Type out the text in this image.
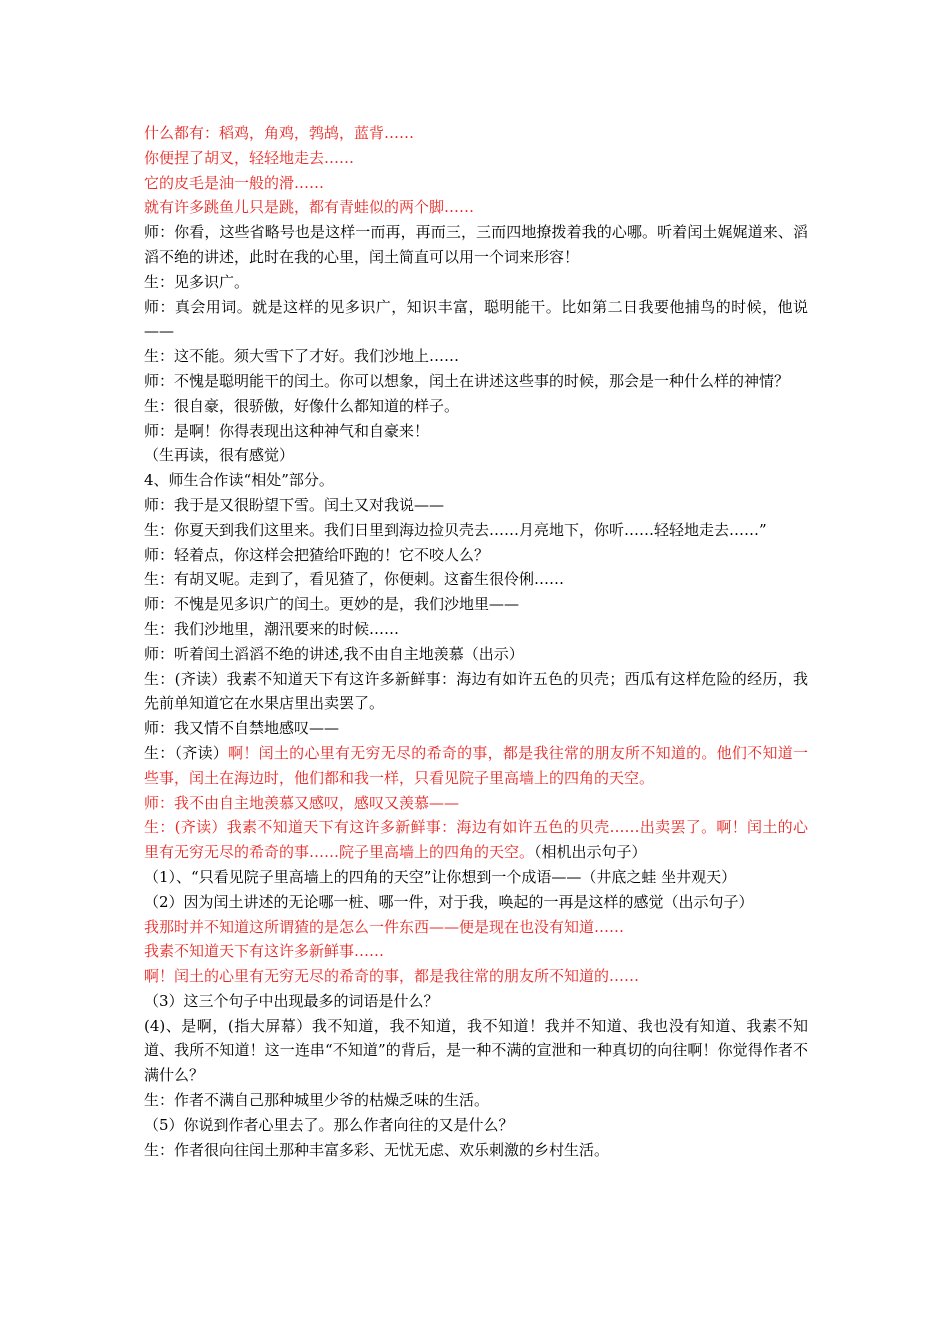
什么都有：稻鸡，角鸡，鹁鸪，蓝背……

你便捏了胡叉，轻轻地走去……

它的皮毛是油一般的滑……

就有许多跳鱼儿只是跳，都有青蛙似的两个脚……

师：你看，这些省略号也是这样一而再，再而三，三而四地撩拨着我的心哪。听着闰土娓娓道来、滔滔不绝的讲述，此时在我的心里，闰土简直可以用一个词来形容！

生：见多识广。

师：真会用词。就是这样的见多识广，知识丰富，聪明能干。比如第二日我要他捕鸟的时候，他说——

生：这不能。须大雪下了才好。我们沙地上……

师：不愧是聪明能干的闰土。你可以想象，闰土在讲述这些事的时候，那会是一种什么样的神情？

生：很自豪，很骄傲，好像什么都知道的样子。

师：是啊！你得表现出这种神气和自豪来！

（生再读，很有感觉）

4、师生合作读“相处”部分。

师：我于是又很盼望下雪。闰土又对我说——

生：你夏天到我们这里来。我们日里到海边捡贝壳去……月亮地下，你听……轻轻地走去……”

师：轻着点，你这样会把猹给吓跑的！它不咬人么？

生：有胡叉呢。走到了，看见猹了，你便刺。这畜生很伶俐……

师：不愧是见多识广的闰土。更妙的是，我们沙地里——

生：我们沙地里，潮汛要来的时候……

师：听着闰土滔滔不绝的讲述,我不由自主地羡慕（出示）

生：(齐读）我素不知道天下有这许多新鲜事：海边有如许五色的贝壳；西瓜有这样危险的经历，我先前单知道它在水果店里出卖罢了。

师：我又情不自禁地感叹——

生：（齐读）啊！闰土的心里有无穷无尽的希奇的事，都是我往常的朋友所不知道的。他们不知道一些事，闰土在海边时，他们都和我一样，只看见院子里高墙上的四角的天空。

师：我不由自主地羡慕又感叹，感叹又羡慕——

生：(齐读）我素不知道天下有这许多新鲜事：海边有如许五色的贝壳……出卖罢了。啊！闰土的心里有无穷无尽的希奇的事……院子里高墙上的四角的天空。（相机出示句子）

（1）、“只看见院子里高墙上的四角的天空”让你想到一个成语——（井底之蛙 坐井观天）

（2）因为闰土讲述的无论哪一桩、哪一件，对于我，唤起的一再是这样的感觉（出示句子）

我那时并不知道这所谓猹的是怎么一件东西——便是现在也没有知道……

我素不知道天下有这许多新鲜事……

啊！闰土的心里有无穷无尽的希奇的事，都是我往常的朋友所不知道的……

（3）这三个句子中出现最多的词语是什么？

(4)、是啊，(指大屏幕）我不知道，我不知道，我不知道！我并不知道、我也没有知道、我素不知道、我所不知道！这一连串“不知道”的背后，是一种不满的宣泄和一种真切的向往啊！你觉得作者不满什么？

生：作者不满自己那种城里少爷的枯燥乏味的生活。

（5）你说到作者心里去了。那么作者向往的又是什么？

生：作者很向往闰土那种丰富多彩、无忧无虑、欢乐刺激的乡村生活。
